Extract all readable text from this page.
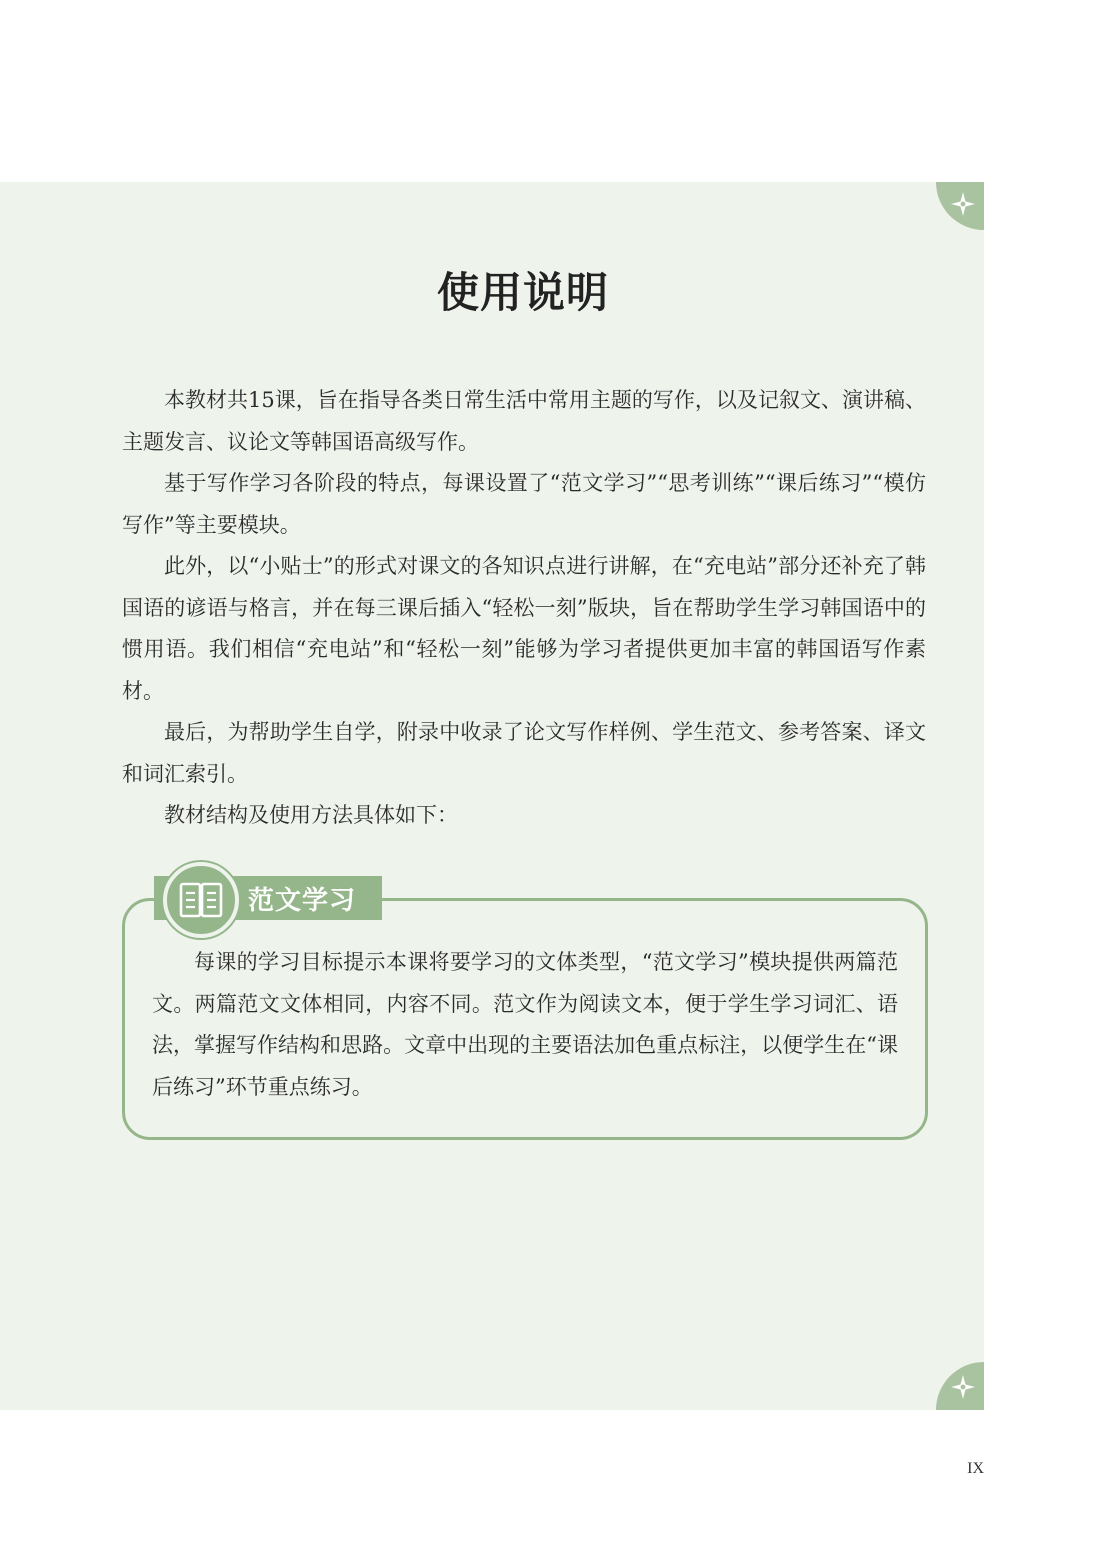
使用说明

本教材共15课，旨在指导各类日常生活中常用主题的写作，以及记叙文、演讲稿、主题发言、议论文等韩国语高级写作。

基于写作学习各阶段的特点，每课设置了“范文学习”“思考训练”“课后练习”“模仿写作”等主要模块。

此外，以“小贴士”的形式对课文的各知识点进行讲解，在“充电站”部分还补充了韩国语的谚语与格言，并在每三课后插入“轻松一刻”版块，旨在帮助学生学习韩国语中的惯用语。我们相信“充电站”和“轻松一刻”能够为学习者提供更加丰富的韩国语写作素材。

最后，为帮助学生自学，附录中收录了论文写作样例、学生范文、参考答案、译文和词汇索引。

教材结构及使用方法具体如下：

范文学习

每课的学习目标提示本课将要学习的文体类型，“范文学习”模块提供两篇范文。两篇范文文体相同，内容不同。范文作为阅读文本，便于学生学习词汇、语法，掌握写作结构和思路。文章中出现的主要语法加色重点标注，以便学生在“课后练习”环节重点练习。

IX
